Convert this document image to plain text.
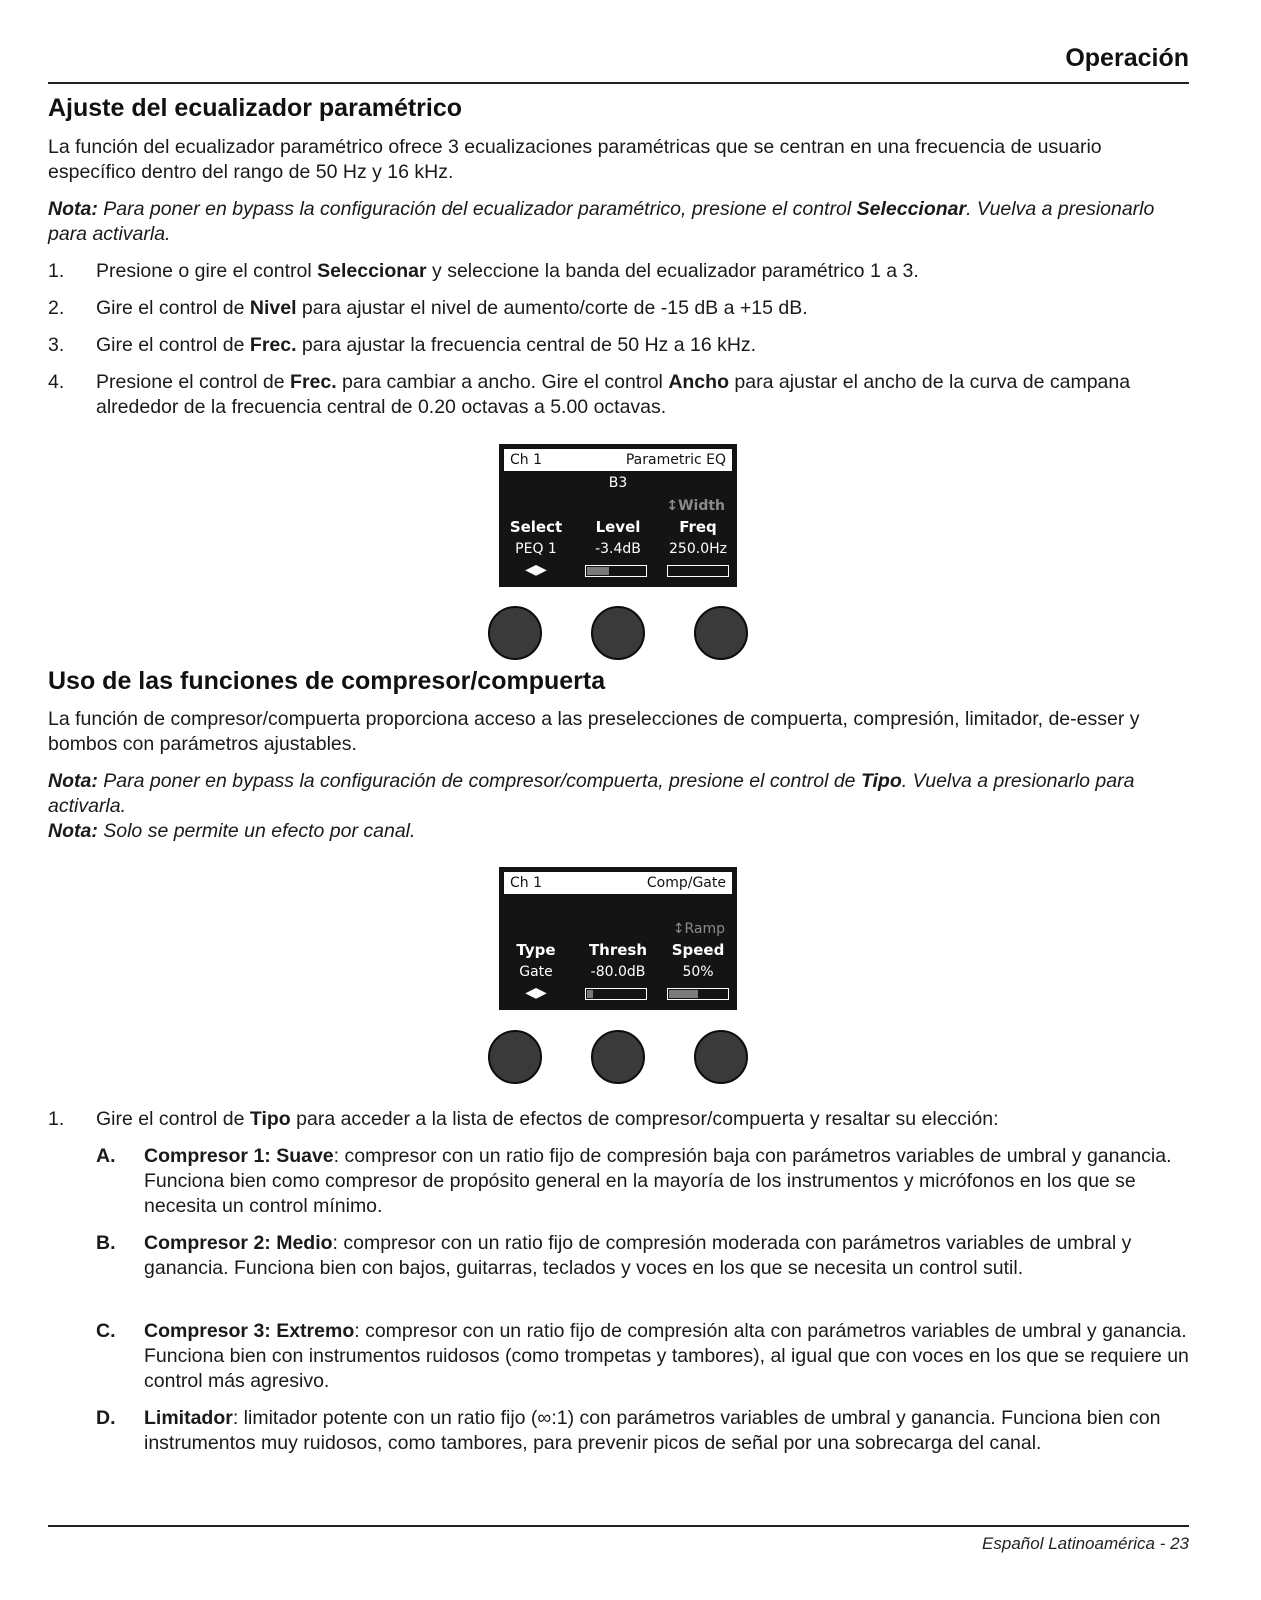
Operación
Ajuste del ecualizador paramétrico

La función del ecualizador paramétrico ofrece 3 ecualizaciones paramétricas que se centran en una frecuencia de usuario específico dentro del rango de 50 Hz y 16 kHz.

Nota: Para poner en bypass la configuración del ecualizador paramétrico, presione el control Seleccionar. Vuelva a presionarlo para activarla.

1. Presione o gire el control Seleccionar y seleccione la banda del ecualizador paramétrico 1 a 3.
2. Gire el control de Nivel para ajustar el nivel de aumento/corte de -15 dB a +15 dB.
3. Gire el control de Frec. para ajustar la frecuencia central de 50 Hz a 16 kHz.
4. Presione el control de Frec. para cambiar a ancho. Gire el control Ancho para ajustar el ancho de la curva de campana alrededor de la frecuencia central de 0.20 octavas a 5.00 octavas.
Ch 1	Parametric EQ
B3
↕Width
Select	Level	Freq
PEQ 1	-3.4dB	250.0Hz
◀▶
Uso de las funciones de compresor/compuerta

La función de compresor/compuerta proporciona acceso a las preselecciones de compuerta, compresión, limitador, de-esser y bombos con parámetros ajustables.

Nota: Para poner en bypass la configuración de compresor/compuerta, presione el control de Tipo. Vuelva a presionarlo para activarla.

Nota: Solo se permite un efecto por canal.

Ch 1	Comp/Gate
↕Ramp
Type	Thresh	Speed
Gate	-80.0dB	50%
◀▶
1. Gire el control de Tipo para acceder a la lista de efectos de compresor/compuerta y resaltar su elección:
A. Compresor 1: Suave: compresor con un ratio fijo de compresión baja con parámetros variables de umbral y ganancia. Funciona bien como compresor de propósito general en la mayoría de los instrumentos y micrófonos en los que se necesita un control mínimo.
B. Compresor 2: Medio: compresor con un ratio fijo de compresión moderada con parámetros variables de umbral y ganancia. Funciona bien con bajos, guitarras, teclados y voces en los que se necesita un control sutil.
C. Compresor 3: Extremo: compresor con un ratio fijo de compresión alta con parámetros variables de umbral y ganancia. Funciona bien con instrumentos ruidosos (como trompetas y tambores), al igual que con voces en los que se requiere un control más agresivo.
D. Limitador: limitador potente con un ratio fijo (∞:1) con parámetros variables de umbral y ganancia. Funciona bien con instrumentos muy ruidosos, como tambores, para prevenir picos de señal por una sobrecarga del canal.
Español Latinoamérica - 23
